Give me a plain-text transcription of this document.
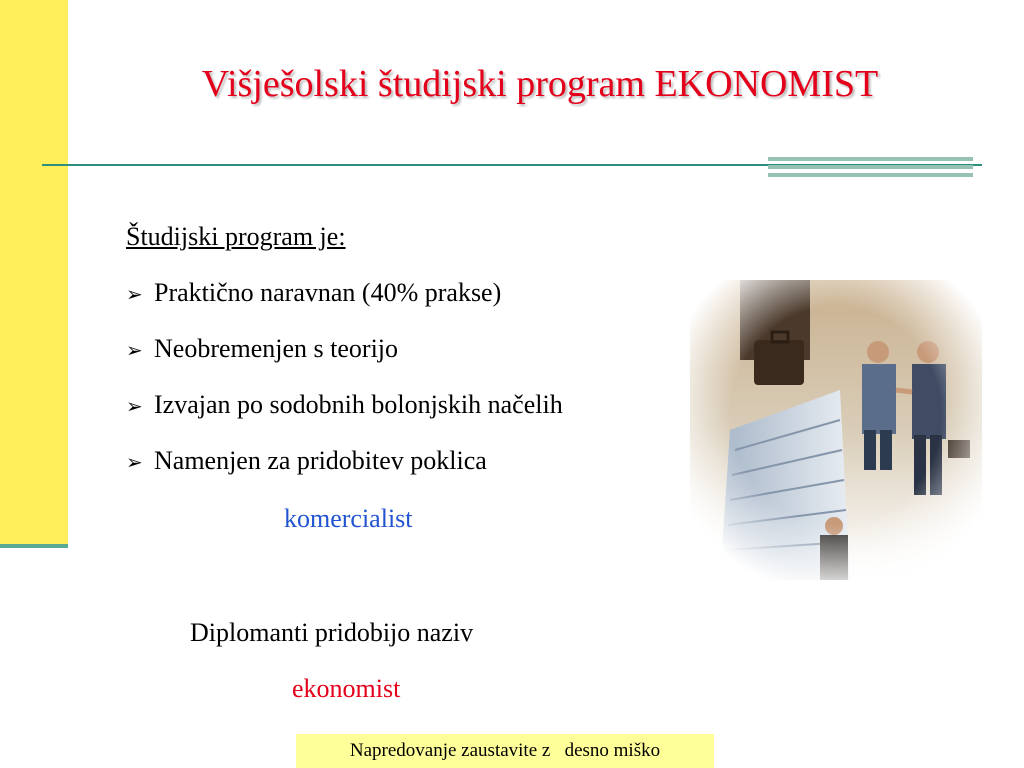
Višješolski študijski program EKONOMIST
Študijski program je:
➢ Praktično naravnan (40% prakse)
➢ Neobremenjen s teorijo
➢ Izvajan po sodobnih bolonjskih načelih
➢ Namenjen za pridobitev poklica
komercialist
Diplomanti pridobijo naziv
ekonomist
Napredovanje zaustavite z   desno miško
